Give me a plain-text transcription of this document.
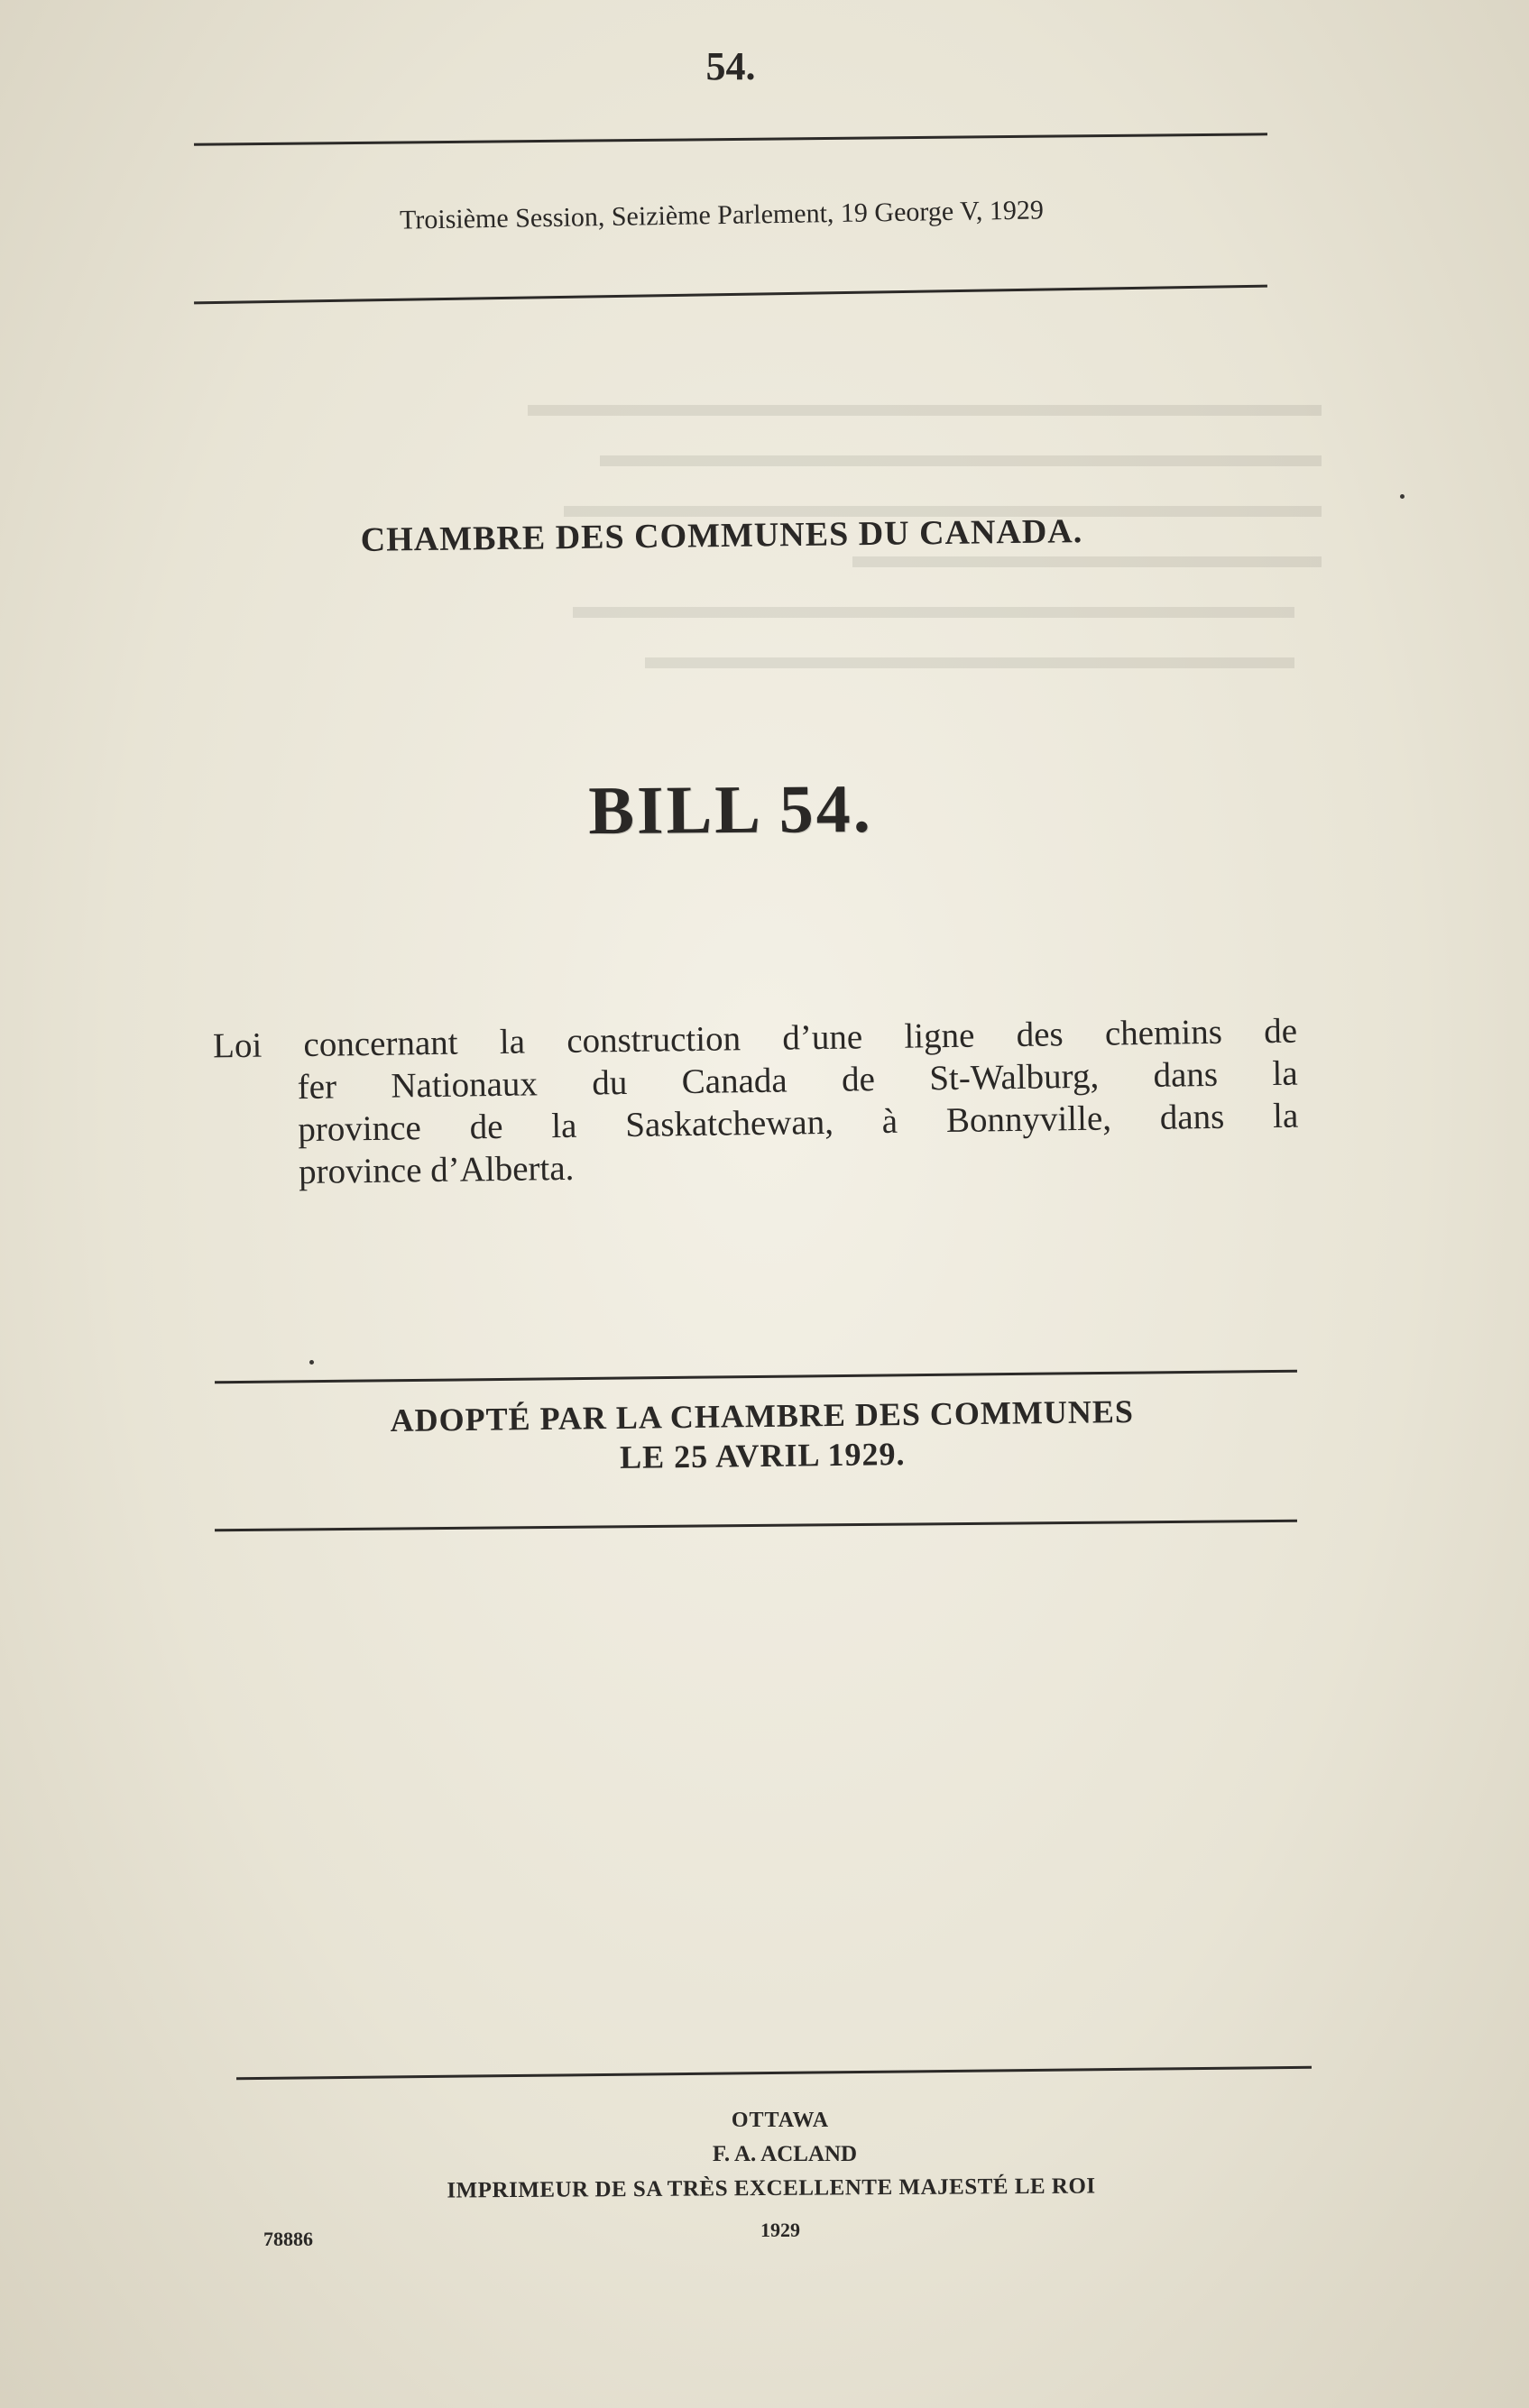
▬▬▬▬▬▬▬▬▬▬▬▬▬▬▬▬▬▬▬▬▬▬
▬▬▬▬▬▬▬▬▬▬▬▬▬▬▬▬▬▬▬▬
▬▬▬▬▬▬▬▬▬▬▬▬▬▬▬▬▬▬▬▬▬
▬▬▬▬▬▬▬▬▬▬▬▬▬
▬▬▬▬▬▬▬▬▬▬▬▬▬▬▬▬▬▬▬▬
▬▬▬▬▬▬▬▬▬▬▬▬▬▬▬▬▬▬
54.
Troisième Session, Seizième Parlement, 19 George V, 1929
CHAMBRE DES COMMUNES DU CANADA.
BILL 54.
Loi concernant la construction d’une ligne des chemins de
fer Nationaux du Canada de St-Walburg, dans la
province de la Saskatchewan, à Bonnyville, dans la
province d’Alberta.
ADOPTÉ PAR LA CHAMBRE DES COMMUNES
LE 25 AVRIL 1929.
OTTAWA
F. A. ACLAND
IMPRIMEUR DE SA TRÈS EXCELLENTE MAJESTÉ LE ROI
1929
78886
